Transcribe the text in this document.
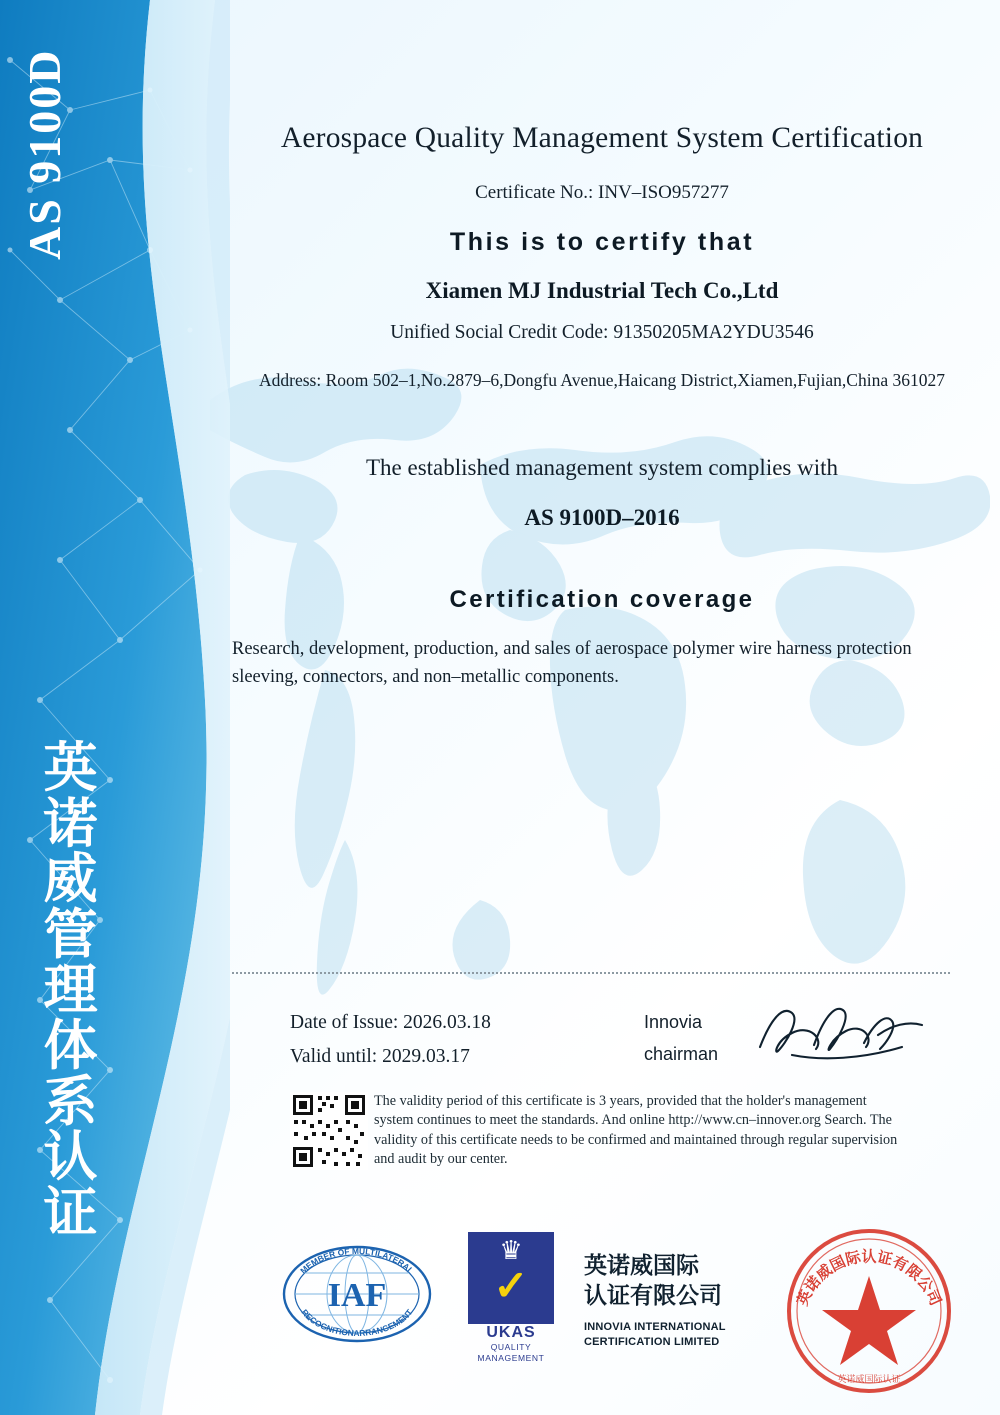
英诺威管理体系认证
Aerospace Quality Management System Certification
Certificate No.: INV–ISO957277
This is to certify that
Xiamen MJ Industrial Tech Co.,Ltd
Unified Social Credit Code: 91350205MA2YDU3546
Address: Room 502–1,No.2879–6,Dongfu Avenue,Haicang District,Xiamen,Fujian,China 361027
The established management system complies with
AS 9100D–2016
Certification coverage
Research, development, production, and sales of aerospace polymer wire harness protection sleeving, connectors, and non–metallic components.
Date of Issue: 2026.03.18
Valid until: 2029.03.17
Innovia
chairman
The validity period of this certificate is 3 years, provided that the holder's management system continues to meet the standards. And online http://www.cn–innover.org Search. The validity of this certificate needs to be confirmed and maintained through regular supervision and audit by our center.
MEMBER OF MULTILATERAL
RECOGNITIONARRANGEMENT
IAF
♛
✓
UKAS
QUALITY MANAGEMENT
英诺威国际
认证有限公司
INNOVIA INTERNATIONAL CERTIFICATION LIMITED
英诺威国际认证有限公司
英诺威国际认证
